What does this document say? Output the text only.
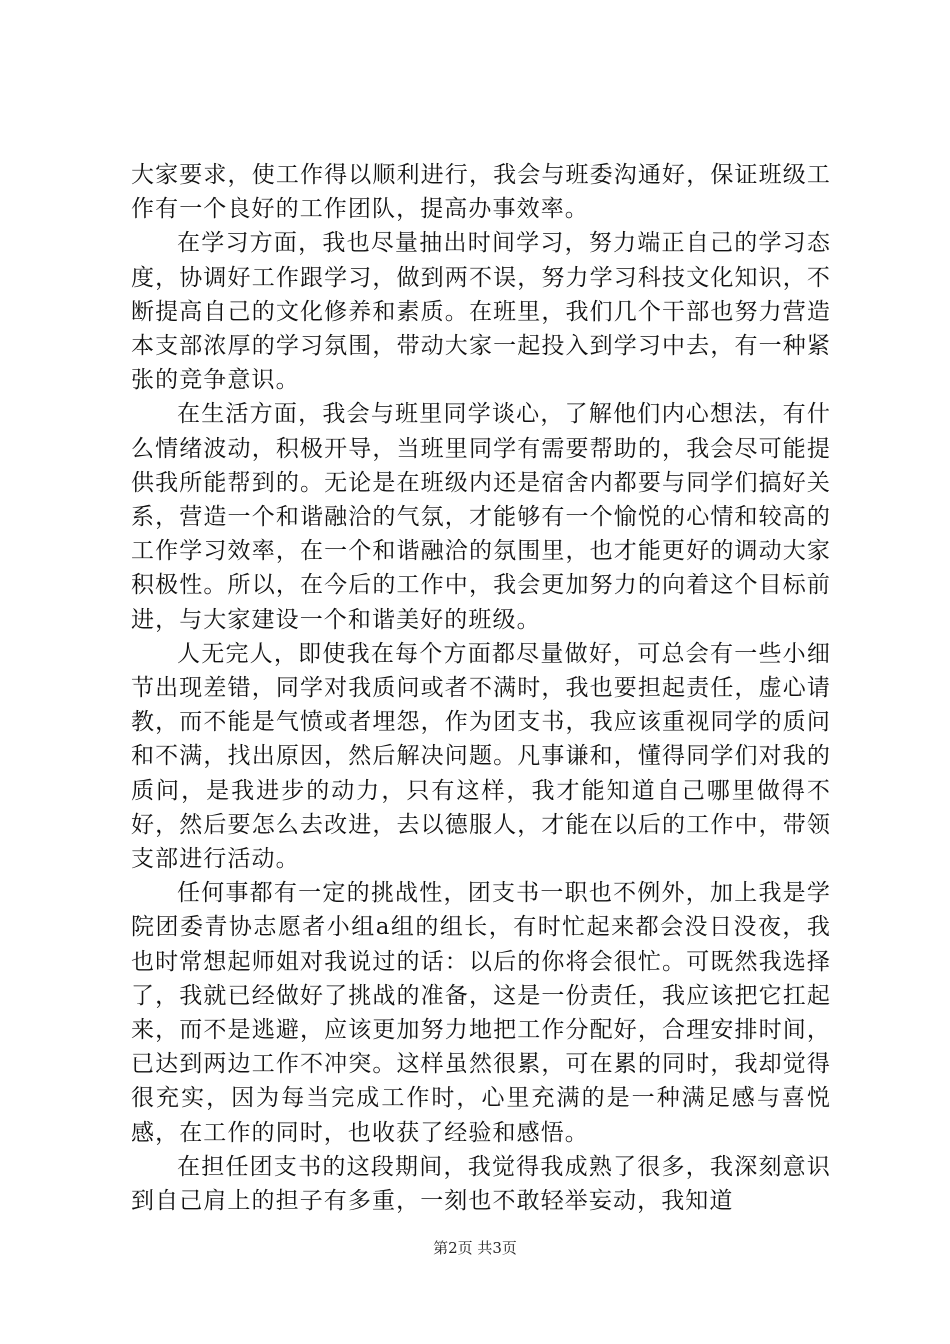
大家要求，使工作得以顺利进行，我会与班委沟通好，保证班级工作有一个良好的工作团队，提高办事效率。

在学习方面，我也尽量抽出时间学习，努力端正自己的学习态度，协调好工作跟学习，做到两不误，努力学习科技文化知识，不断提高自己的文化修养和素质。在班里，我们几个干部也努力营造本支部浓厚的学习氛围，带动大家一起投入到学习中去，有一种紧张的竞争意识。

在生活方面，我会与班里同学谈心，了解他们内心想法，有什么情绪波动，积极开导，当班里同学有需要帮助的，我会尽可能提供我所能帮到的。无论是在班级内还是宿舍内都要与同学们搞好关系，营造一个和谐融洽的气氛，才能够有一个愉悦的心情和较高的工作学习效率，在一个和谐融洽的氛围里，也才能更好的调动大家积极性。所以，在今后的工作中，我会更加努力的向着这个目标前进，与大家建设一个和谐美好的班级。

人无完人，即使我在每个方面都尽量做好，可总会有一些小细节出现差错，同学对我质问或者不满时，我也要担起责任，虚心请教，而不能是气愤或者埋怨，作为团支书，我应该重视同学的质问和不满，找出原因，然后解决问题。凡事谦和，懂得同学们对我的质问，是我进步的动力，只有这样，我才能知道自己哪里做得不好，然后要怎么去改进，去以德服人，才能在以后的工作中，带领支部进行活动。

任何事都有一定的挑战性，团支书一职也不例外，加上我是学院团委青协志愿者小组a组的组长，有时忙起来都会没日没夜，我也时常想起师姐对我说过的话：以后的你将会很忙。可既然我选择了，我就已经做好了挑战的准备，这是一份责任，我应该把它扛起来，而不是逃避，应该更加努力地把工作分配好，合理安排时间，已达到两边工作不冲突。这样虽然很累，可在累的同时，我却觉得很充实，因为每当完成工作时，心里充满的是一种满足感与喜悦感，在工作的同时，也收获了经验和感悟。

在担任团支书的这段期间，我觉得我成熟了很多，我深刻意识到自己肩上的担子有多重，一刻也不敢轻举妄动，我知道

第2页 共3页
